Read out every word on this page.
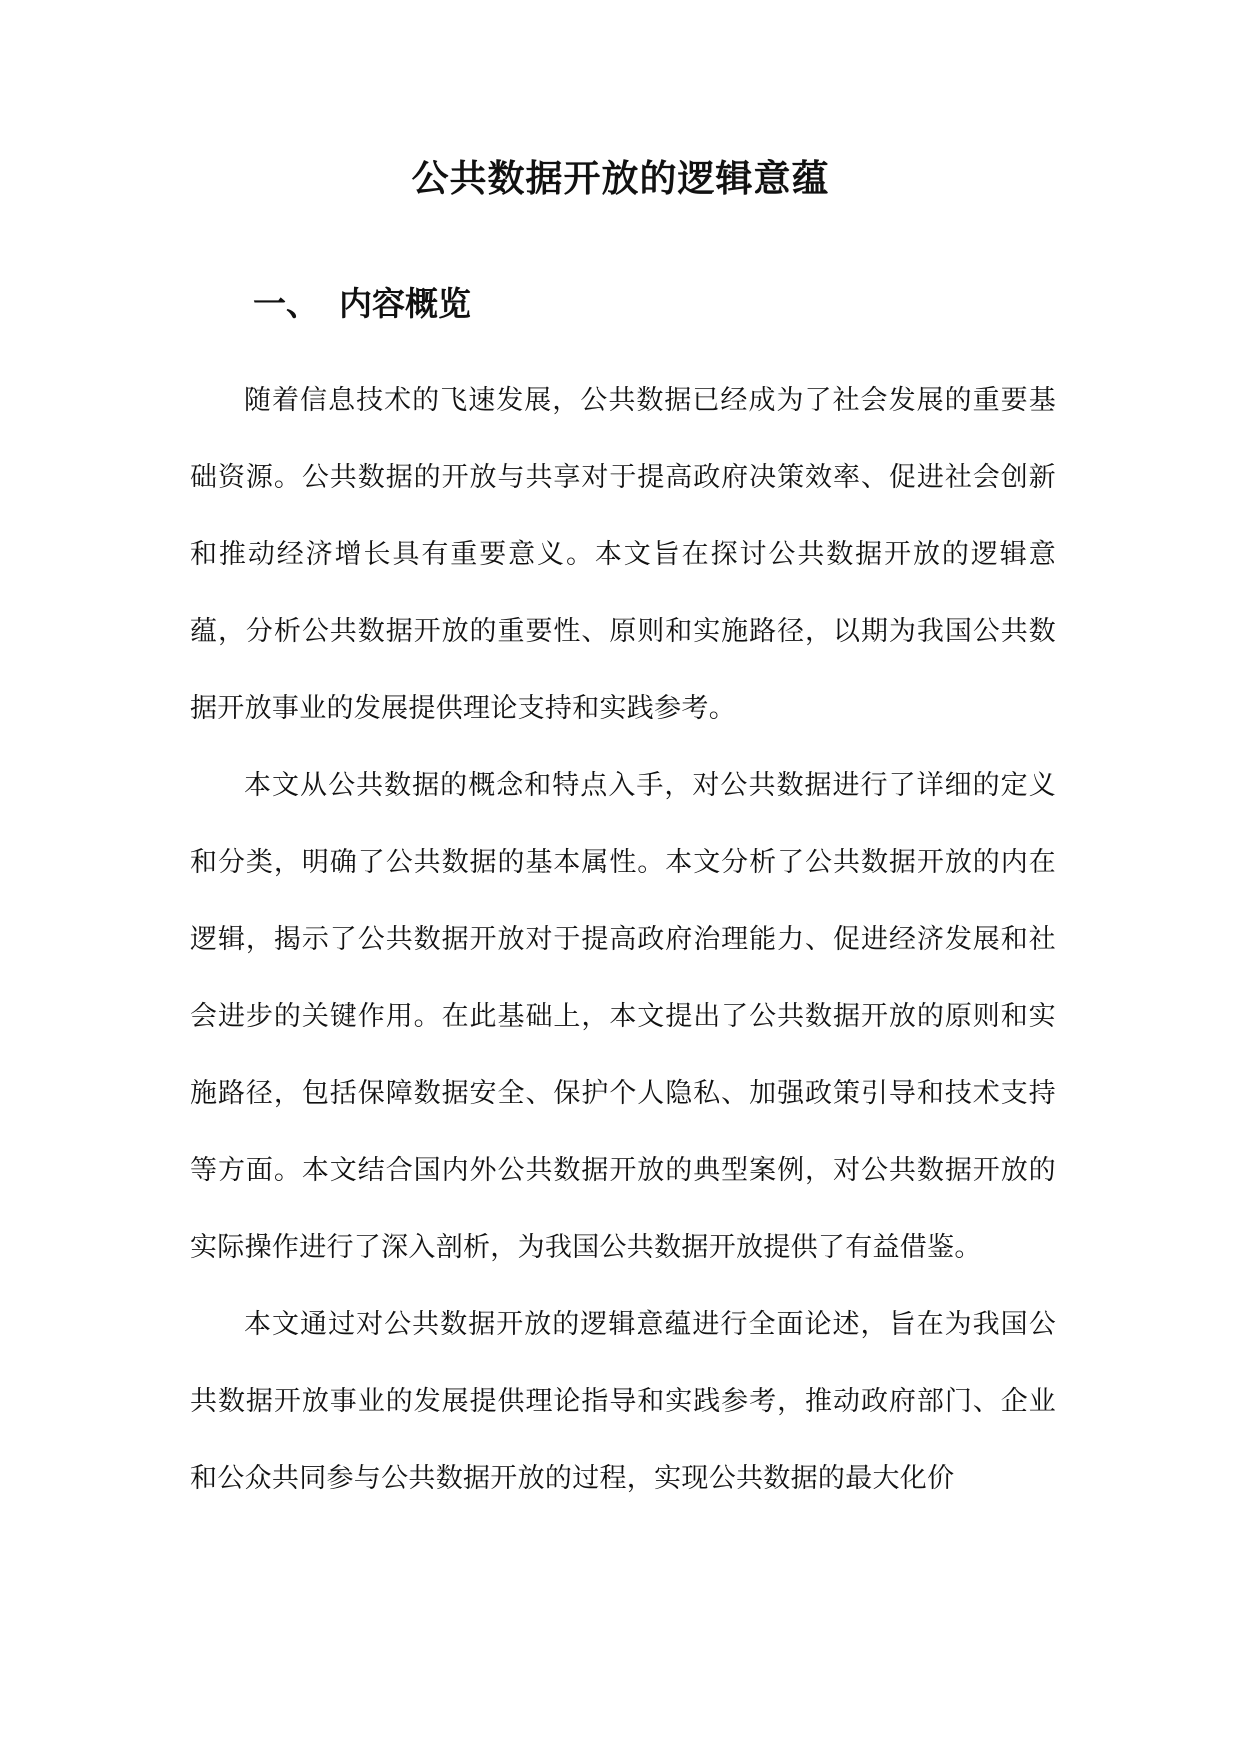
公共数据开放的逻辑意蕴
一、 内容概览

随着信息技术的飞速发展，公共数据已经成为了社会发展的重要基础资源。公共数据的开放与共享对于提高政府决策效率、促进社会创新和推动经济增长具有重要意义。本文旨在探讨公共数据开放的逻辑意蕴，分析公共数据开放的重要性、原则和实施路径，以期为我国公共数据开放事业的发展提供理论支持和实践参考。

本文从公共数据的概念和特点入手，对公共数据进行了详细的定义和分类，明确了公共数据的基本属性。本文分析了公共数据开放的内在逻辑，揭示了公共数据开放对于提高政府治理能力、促进经济发展和社会进步的关键作用。在此基础上，本文提出了公共数据开放的原则和实施路径，包括保障数据安全、保护个人隐私、加强政策引导和技术支持等方面。本文结合国内外公共数据开放的典型案例，对公共数据开放的实际操作进行了深入剖析，为我国公共数据开放提供了有益借鉴。

本文通过对公共数据开放的逻辑意蕴进行全面论述，旨在为我国公共数据开放事业的发展提供理论指导和实践参考，推动政府部门、企业和公众共同参与公共数据开放的过程，实现公共数据的最大化价
